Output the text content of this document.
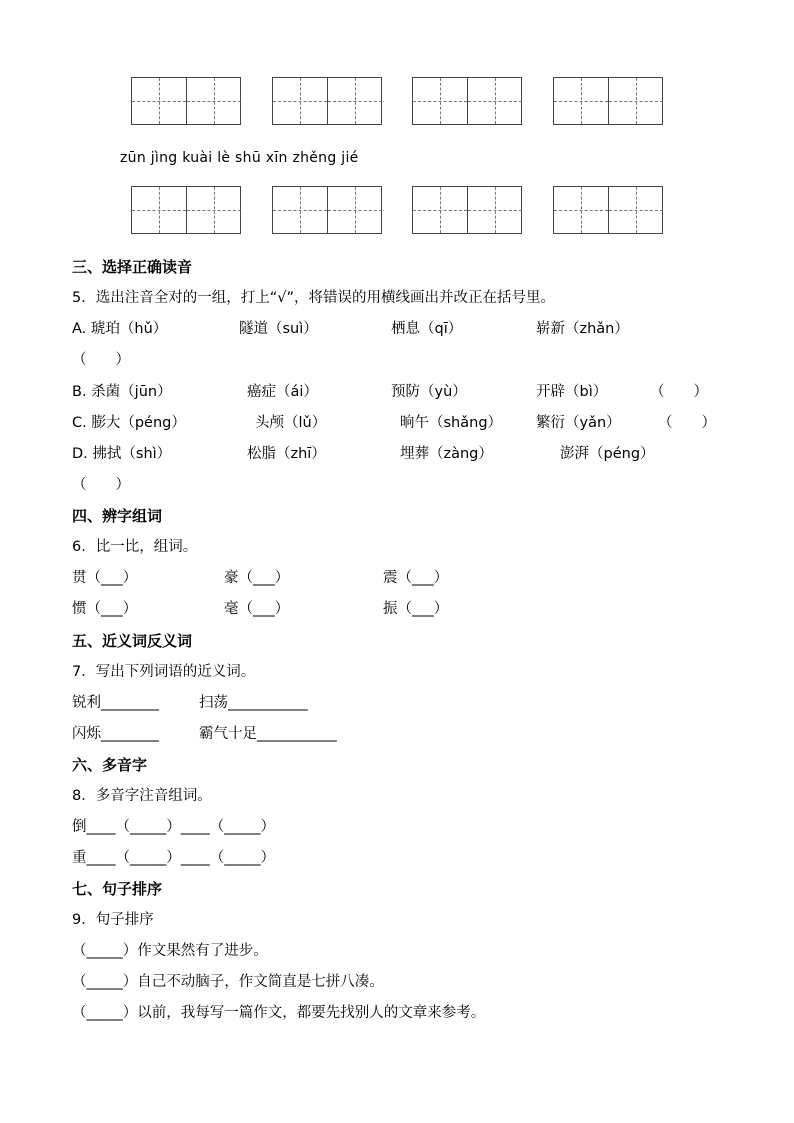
zūn jìng kuài lè shū xīn zhěng jié
三、选择正确读音
5．选出注音全对的一组，打上“√”，将错误的用横线画出并改正在括号里。
A. 琥珀（hǔ）	隧道（suì）	栖息（qī）	崭新（zhǎn）
（　　）
B. 杀菌（jūn）	癌症（ái）	预防（yù）	开辟（bì）	（　　）
C. 膨大（péng）	头颅（lǔ）	晌午（shǎng） 繁衍（yǎn）	（　　）
D. 拂拭（shì）	松脂（zhī）	埋葬（zàng）	澎湃（péng）
（　　）
四、辨字组词
6．比一比，组词。
贯（___）	豪（___）	震（___）
惯（___）	毫（___）	振（___）
五、近义词反义词
7．写出下列词语的近义词。
锐利________	扫荡___________
闪烁________	霸气十足___________
六、多音字
8．多音字注音组词。
倒____（_____）____（_____）
重____（_____）____（_____）
七、句子排序
9．句子排序
（_____）作文果然有了进步。
（_____）自己不动脑子，作文简直是七拼八凑。
（_____）以前，我每写一篇作文，都要先找别人的文章来参考。
